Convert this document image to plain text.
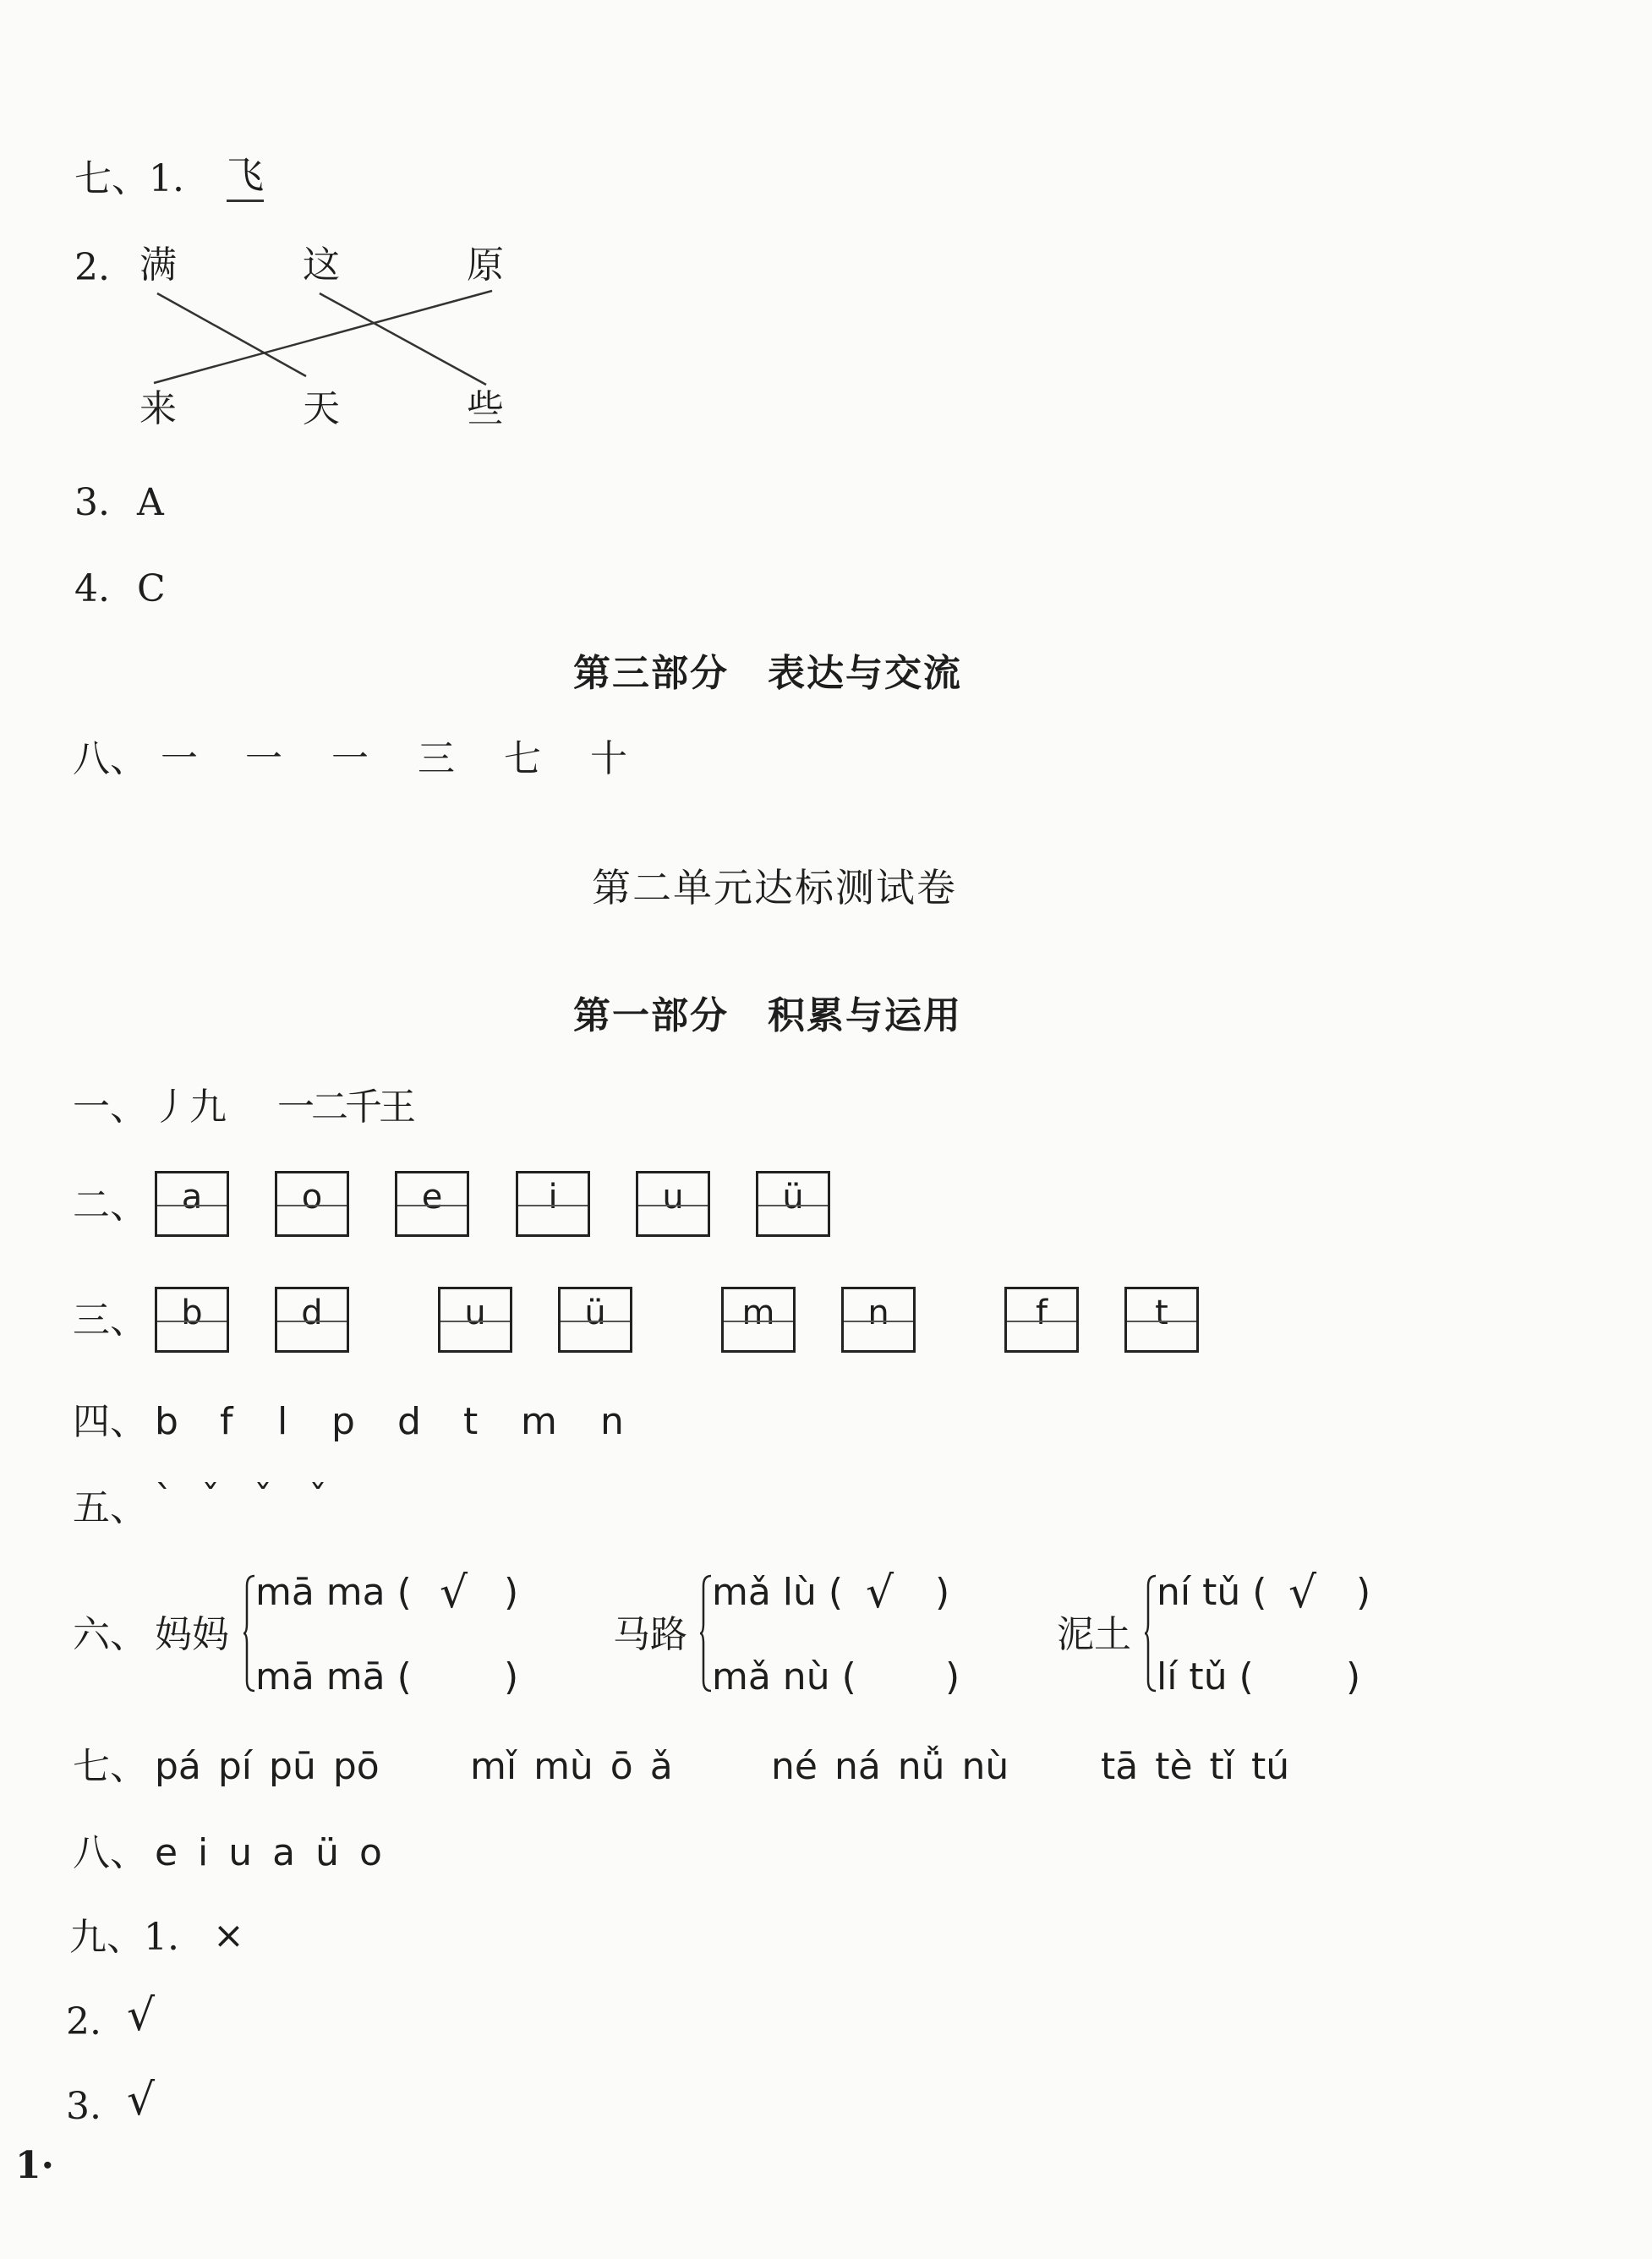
七、1. 飞
2. 满	这	原
来	天	些
3. A
4. C
第三部分　表达与交流
八、 一 一 一 三 七 十
第二单元达标测试卷
第一部分　积累与运用
一、 丿九 一二千王
二、	a	o	e	i	u	ü
三、	b	d	u	ü	m	n	f	t
四、 b f l p d t m n
五、 ˋ ˇ ˇ ˇ
六、 妈妈
mā ma ( √ )
mā mā ( )
马路
mǎ lù ( √ )
mǎ nù ( )
泥土
ní tǔ ( √ )
lí tǔ ( )
七、 pá pí pū pō mǐ mù ō ǎ	né ná nǚ nù tā tè tǐ tú
八、 e i u a ü o
九、1. ×
2. √
3. √
1·
